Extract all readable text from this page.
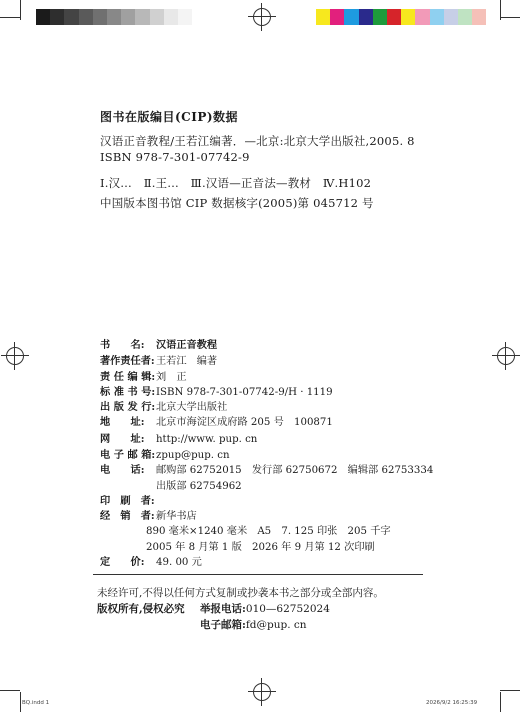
图书在版编目(CIP)数据
汉语正音教程/王若江编著．—北京:北京大学出版社,2005. 8
ISBN 978-7-301-07742-9
Ⅰ.汉…　Ⅱ.王…　Ⅲ.汉语—正音法—教材　Ⅳ.H102
中国版本图书馆 CIP 数据核字(2005)第 045712 号
书　　名: 汉语正音教程
著作责任者:王若江　编著
责 任 编 辑:刘　正
标 准 书 号:ISBN 978-7-301-07742-9/H · 1119
出 版 发 行:北京大学出版社
地　　址: 北京市海淀区成府路 205 号　100871
网　　址: http://www. pup. cn
电 子 邮 箱:zpup@pup. cn
电　　话: 邮购部 62752015　发行部 62750672　编辑部 62753334
出版部 62754962
印　刷　者:
经　销　者:新华书店
890 毫米×1240 毫米　A5　7. 125 印张　205 千字
2005 年 8 月第 1 版　2026 年 9 月第 12 次印刷
定　　价: 49. 00 元
未经许可,不得以任何方式复制或抄袭本书之部分或全部内容。
版权所有,侵权必究 举报电话:010—62752024
电子邮箱:fd@pup. cn
BQ.indd 1	2026/9/2 16:25:39
